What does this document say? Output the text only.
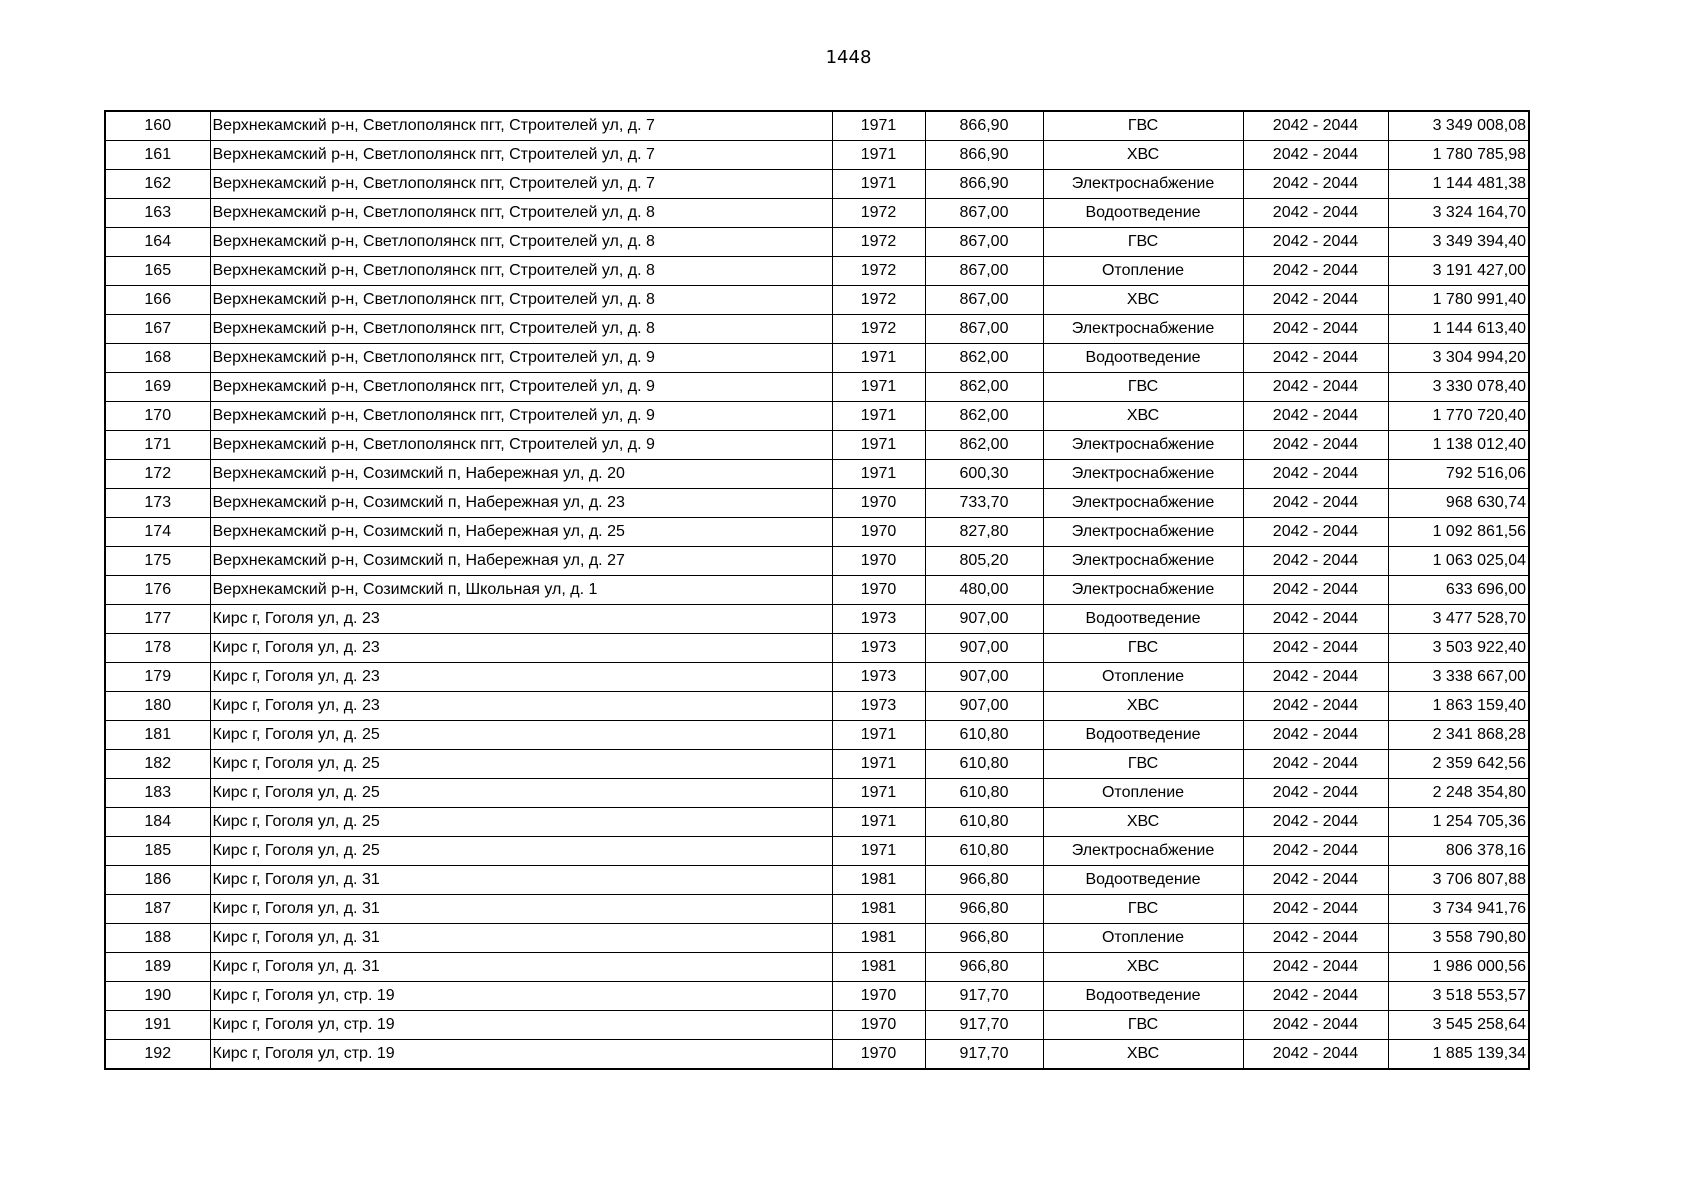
1448
160	Верхнекамский р-н, Светлополянск пгт, Строителей ул, д. 7	1971	866,90	ГВС	2042 - 2044	3 349 008,08
161	Верхнекамский р-н, Светлополянск пгт, Строителей ул, д. 7	1971	866,90	ХВС	2042 - 2044	1 780 785,98
162	Верхнекамский р-н, Светлополянск пгт, Строителей ул, д. 7	1971	866,90	Электроснабжение	2042 - 2044	1 144 481,38
163	Верхнекамский р-н, Светлополянск пгт, Строителей ул, д. 8	1972	867,00	Водоотведение	2042 - 2044	3 324 164,70
164	Верхнекамский р-н, Светлополянск пгт, Строителей ул, д. 8	1972	867,00	ГВС	2042 - 2044	3 349 394,40
165	Верхнекамский р-н, Светлополянск пгт, Строителей ул, д. 8	1972	867,00	Отопление	2042 - 2044	3 191 427,00
166	Верхнекамский р-н, Светлополянск пгт, Строителей ул, д. 8	1972	867,00	ХВС	2042 - 2044	1 780 991,40
167	Верхнекамский р-н, Светлополянск пгт, Строителей ул, д. 8	1972	867,00	Электроснабжение	2042 - 2044	1 144 613,40
168	Верхнекамский р-н, Светлополянск пгт, Строителей ул, д. 9	1971	862,00	Водоотведение	2042 - 2044	3 304 994,20
169	Верхнекамский р-н, Светлополянск пгт, Строителей ул, д. 9	1971	862,00	ГВС	2042 - 2044	3 330 078,40
170	Верхнекамский р-н, Светлополянск пгт, Строителей ул, д. 9	1971	862,00	ХВС	2042 - 2044	1 770 720,40
171	Верхнекамский р-н, Светлополянск пгт, Строителей ул, д. 9	1971	862,00	Электроснабжение	2042 - 2044	1 138 012,40
172	Верхнекамский р-н, Созимский п, Набережная ул, д. 20	1971	600,30	Электроснабжение	2042 - 2044	792 516,06
173	Верхнекамский р-н, Созимский п, Набережная ул, д. 23	1970	733,70	Электроснабжение	2042 - 2044	968 630,74
174	Верхнекамский р-н, Созимский п, Набережная ул, д. 25	1970	827,80	Электроснабжение	2042 - 2044	1 092 861,56
175	Верхнекамский р-н, Созимский п, Набережная ул, д. 27	1970	805,20	Электроснабжение	2042 - 2044	1 063 025,04
176	Верхнекамский р-н, Созимский п, Школьная ул, д. 1	1970	480,00	Электроснабжение	2042 - 2044	633 696,00
177	Кирс г, Гоголя ул, д. 23	1973	907,00	Водоотведение	2042 - 2044	3 477 528,70
178	Кирс г, Гоголя ул, д. 23	1973	907,00	ГВС	2042 - 2044	3 503 922,40
179	Кирс г, Гоголя ул, д. 23	1973	907,00	Отопление	2042 - 2044	3 338 667,00
180	Кирс г, Гоголя ул, д. 23	1973	907,00	ХВС	2042 - 2044	1 863 159,40
181	Кирс г, Гоголя ул, д. 25	1971	610,80	Водоотведение	2042 - 2044	2 341 868,28
182	Кирс г, Гоголя ул, д. 25	1971	610,80	ГВС	2042 - 2044	2 359 642,56
183	Кирс г, Гоголя ул, д. 25	1971	610,80	Отопление	2042 - 2044	2 248 354,80
184	Кирс г, Гоголя ул, д. 25	1971	610,80	ХВС	2042 - 2044	1 254 705,36
185	Кирс г, Гоголя ул, д. 25	1971	610,80	Электроснабжение	2042 - 2044	806 378,16
186	Кирс г, Гоголя ул, д. 31	1981	966,80	Водоотведение	2042 - 2044	3 706 807,88
187	Кирс г, Гоголя ул, д. 31	1981	966,80	ГВС	2042 - 2044	3 734 941,76
188	Кирс г, Гоголя ул, д. 31	1981	966,80	Отопление	2042 - 2044	3 558 790,80
189	Кирс г, Гоголя ул, д. 31	1981	966,80	ХВС	2042 - 2044	1 986 000,56
190	Кирс г, Гоголя ул, стр. 19	1970	917,70	Водоотведение	2042 - 2044	3 518 553,57
191	Кирс г, Гоголя ул, стр. 19	1970	917,70	ГВС	2042 - 2044	3 545 258,64
192	Кирс г, Гоголя ул, стр. 19	1970	917,70	ХВС	2042 - 2044	1 885 139,34
